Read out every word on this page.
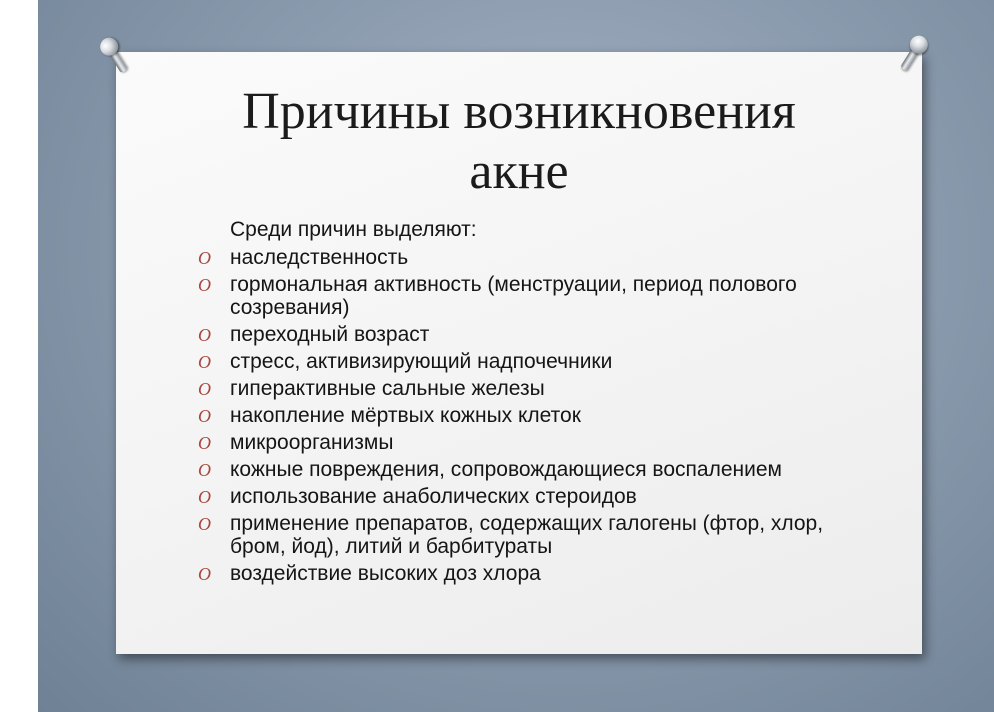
Причины возникновения
акне

Среди причин выделяют:

O наследственность
O гормональная активность (менструации, период полового созревания)
O переходный возраст
O стресс, активизирующий надпочечники
O гиперактивные сальные железы
O накопление мёртвых кожных клеток
O микроорганизмы
O кожные повреждения, сопровождающиеся воспалением
O использование анаболических стероидов
O применение препаратов, содержащих галогены (фтор, хлор, бром, йод), литий и барбитураты
O воздействие высоких доз хлора
